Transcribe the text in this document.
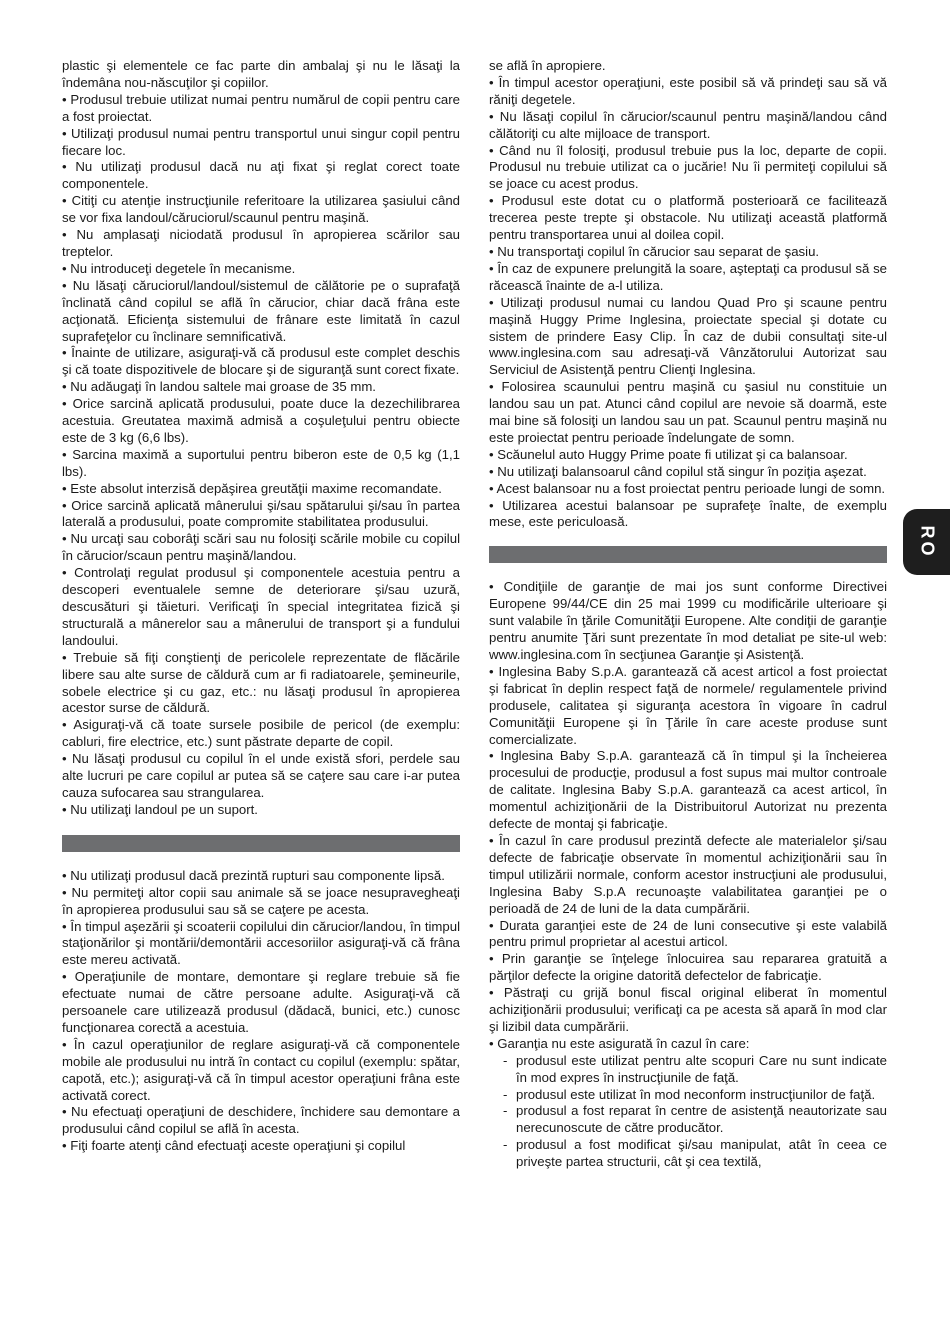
plastic şi elementele ce fac parte din ambalaj şi nu le lăsaţi la îndemâna nou-născuţilor şi copiilor.

• Produsul trebuie utilizat numai pentru numărul de copii pentru care a fost proiectat.

• Utilizaţi produsul numai pentru transportul unui singur copil pentru fiecare loc.

• Nu utilizaţi produsul dacă nu aţi fixat şi reglat corect toate componentele.

• Citiţi cu atenţie instrucţiunile referitoare la utilizarea şasiului când se vor fixa landoul/căruciorul/scaunul pentru maşină.

• Nu amplasaţi niciodată produsul în apropierea scărilor sau treptelor.

• Nu introduceţi degetele în mecanisme.

• Nu lăsaţi căruciorul/landoul/sistemul de călătorie pe o suprafaţă înclinată când copilul se află în cărucior, chiar dacă frâna este acţionată. Eficienţa sistemului de frânare este limitată în cazul suprafeţelor cu înclinare semnificativă.

• Înainte de utilizare, asiguraţi-vă că produsul este complet deschis şi că toate dispozitivele de blocare şi de siguranţă sunt corect fixate.

• Nu adăugaţi în landou saltele mai groase de 35 mm.

• Orice sarcină aplicată produsului, poate duce la dezechilibrarea acestuia. Greutatea maximă admisă a coşuleţului pentru obiecte este de 3 kg (6,6 lbs).

• Sarcina maximă a suportului pentru biberon este de 0,5 kg (1,1 lbs).

• Este absolut interzisă depăşirea greutăţii maxime recomandate.

• Orice sarcină aplicată mânerului şi/sau spătarului şi/sau în partea laterală a produsului, poate compromite stabilitatea produsului.

• Nu urcaţi sau coborâţi scări sau nu folosiţi scările mobile cu copilul în cărucior/scaun pentru maşină/landou.

• Controlaţi regulat produsul şi componentele acestuia pentru a descoperi eventualele semne de deteriorare şi/sau uzură, descusături şi tăieturi. Verificaţi în special integritatea fizică şi structurală a mânerelor sau a mânerului de transport şi a fundului landoului.

• Trebuie să fiţi conştienţi de pericolele reprezentate de flăcările libere sau alte surse de căldură cum ar fi radiatoarele, şemineurile, sobele electrice şi cu gaz, etc.: nu lăsaţi produsul în apropierea acestor surse de căldură.

• Asiguraţi-vă că toate sursele posibile de pericol (de exemplu: cabluri, fire electrice, etc.) sunt păstrate departe de copil.

• Nu lăsaţi produsul cu copilul în el unde există sfori, perdele sau alte lucruri pe care copilul ar putea să se caţere sau care i-ar putea cauza sufocarea sau strangularea.

• Nu utilizaţi landoul pe un suport.

• Nu utilizaţi produsul dacă prezintă rupturi sau componente lipsă.

• Nu permiteţi altor copii sau animale să se joace nesupravegheaţi în apropierea produsului sau să se caţere pe acesta.

• În timpul aşezării şi scoaterii copilului din cărucior/landou, în timpul staţionărilor şi montării/demontării accesoriilor asiguraţi-vă că frâna este mereu activată.

• Operaţiunile de montare, demontare şi reglare trebuie să fie efectuate numai de către persoane adulte. Asiguraţi-vă că persoanele care utilizează produsul (dădacă, bunici, etc.) cunosc funcţionarea corectă a acestuia.

• În cazul operaţiunilor de reglare asiguraţi-vă că componentele mobile ale produsului nu intră în contact cu copilul (exemplu: spătar, capotă, etc.); asiguraţi-vă că în timpul acestor operaţiuni frâna este activată corect.

• Nu efectuaţi operaţiuni de deschidere, închidere sau demontare a produsului când copilul se află în acesta.

• Fiţi foarte atenţi când efectuaţi aceste operaţiuni şi copilul

se află în apropiere.

• În timpul acestor operaţiuni, este posibil să vă prindeţi sau să vă răniţi degetele.

• Nu lăsaţi copilul în cărucior/scaunul pentru maşină/landou când călătoriţi cu alte mijloace de transport.

• Când nu îl folosiţi, produsul trebuie pus la loc, departe de copii. Produsul nu trebuie utilizat ca o jucărie! Nu îi permiteţi copilului să se joace cu acest produs.

• Produsul este dotat cu o platformă posterioară ce facilitează trecerea peste trepte şi obstacole. Nu utilizaţi această platformă pentru transportarea unui al doilea copil.

• Nu transportaţi copilul în cărucior sau separat de şasiu.

• În caz de expunere prelungită la soare, aşteptaţi ca produsul să se răcească înainte de a-l utiliza.

• Utilizaţi produsul numai cu landou Quad Pro şi scaune pentru maşină Huggy Prime Inglesina, proiectate special şi dotate cu sistem de prindere Easy Clip. În caz de dubii consultaţi site-ul www.inglesina.com sau adresaţi-vă Vânzătorului Autorizat sau Serviciul de Asistenţă pentru Clienţi Inglesina.

• Folosirea scaunului pentru maşină cu şasiul nu constituie un landou sau un pat. Atunci când copilul are nevoie să doarmă, este mai bine să folosiţi un landou sau un pat. Scaunul pentru maşină nu este proiectat pentru perioade îndelungate de somn.

• Scăunelul auto Huggy Prime poate fi utilizat şi ca balansoar.

• Nu utilizaţi balansoarul când copilul stă singur în poziţia aşezat.

• Acest balansoar nu a fost proiectat pentru perioade lungi de somn.

• Utilizarea acestui balansoar pe suprafeţe înalte, de exemplu mese, este periculoasă.

• Condiţiile de garanţie de mai jos sunt conforme Directivei Europene 99/44/CE din 25 mai 1999 cu modificările ulterioare şi sunt valabile în ţările Comunităţii Europene. Alte condiţii de garanţie pentru anumite Ţări sunt prezentate în mod detaliat pe site-ul web: www.inglesina.com în secţiunea Garanţie şi Asistenţă.

• Inglesina Baby S.p.A. garantează că acest articol a fost proiectat şi fabricat în deplin respect faţă de normele/ regulamentele privind produsele, calitatea şi siguranţa acestora în vigoare în cadrul Comunităţii Europene şi în Ţările în care aceste produse sunt comercializate.

• Inglesina Baby S.p.A. garantează că în timpul şi la încheierea procesului de producţie, produsul a fost supus mai multor controale de calitate. Inglesina Baby S.p.A. garantează ca acest articol, în momentul achiziţionării de la Distribuitorul Autorizat nu prezenta defecte de montaj şi fabricaţie.

• În cazul în care produsul prezintă defecte ale materialelor şi/sau defecte de fabricaţie observate în momentul achiziţionării sau în timpul utilizării normale, conform acestor instrucţiuni ale produsului, Inglesina Baby S.p.A recunoaşte valabilitatea garanţiei pe o perioadă de 24 de luni de la data cumpărării.

• Durata garanţiei este de 24 de luni consecutive şi este valabilă pentru primul proprietar al acestui articol.

• Prin garanţie se înţelege înlocuirea sau repararea gratuită a părţilor defecte la origine datorită defectelor de fabricaţie.

• Păstraţi cu grijă bonul fiscal original eliberat în momentul achiziţionării produsului; verificaţi ca pe acesta să apară în mod clar şi lizibil data cumpărării.

• Garanţia nu este asigurată în cazul în care:

- produsul este utilizat pentru alte scopuri Care nu sunt indicate în mod expres în instrucţiunile de faţă.
- produsul este utilizat în mod neconform instrucţiunilor de faţă.
- produsul a fost reparat în centre de asistenţă neautorizate sau nerecunoscute de către producător.
- produsul a fost modificat şi/sau manipulat, atât în ceea ce priveşte partea structurii, cât şi cea textilă,
RO
